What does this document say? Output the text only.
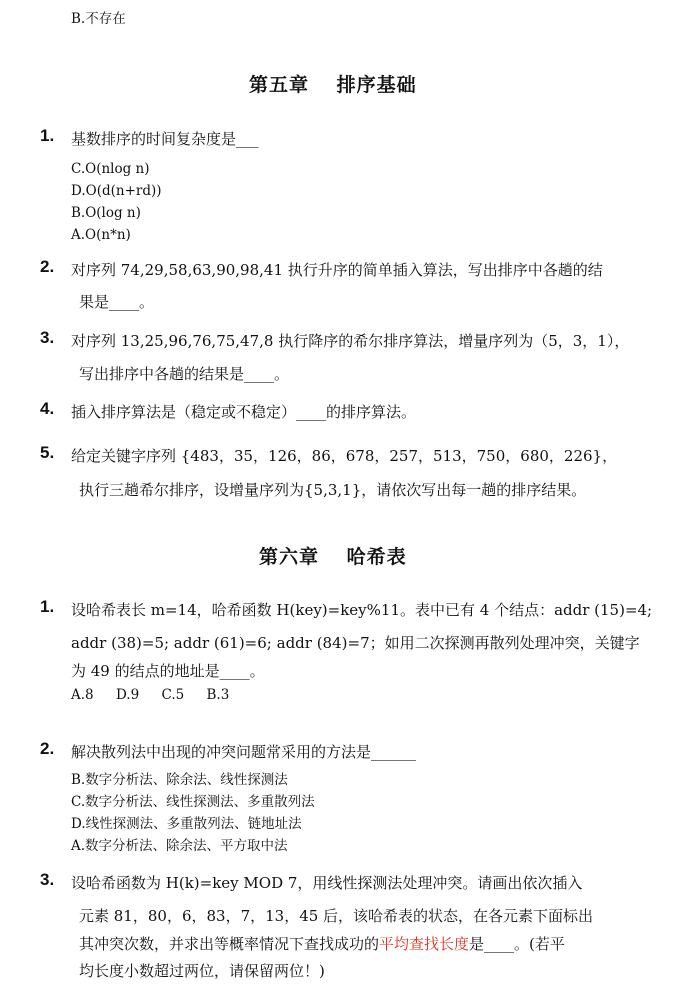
B.不存在
第五章　 排序基础
1. 基数排序的时间复杂度是___
C.O(nlog n)
D.O(d(n+rd))
B.O(log n)
A.O(n*n)
2. 对序列 74,29,58,63,90,98,41 执行升序的简单插入算法，写出排序中各趟的结
果是____。
3. 对序列 13,25,96,76,75,47,8 执行降序的希尔排序算法，增量序列为（5，3，1），
写出排序中各趟的结果是____。
4. 插入排序算法是（稳定或不稳定）____的排序算法。
5. 给定关键字序列 {483，35，126，86，678，257，513，750，680，226}，
执行三趟希尔排序，设增量序列为{5,3,1}，请依次写出每一趟的排序结果。
第六章　 哈希表
1. 设哈希表长 m=14，哈希函数 H(key)=key%11。表中已有 4 个结点：addr (15)=4;
addr (38)=5; addr (61)=6; addr (84)=7；如用二次探测再散列处理冲突，关键字
为 49 的结点的地址是____。
A.8 D.9 C.5 B.3
2. 解决散列法中出现的冲突问题常采用的方法是______
B.数字分析法、除余法、线性探测法
C.数字分析法、线性探测法、多重散列法
D.线性探测法、多重散列法、链地址法
A.数字分析法、除余法、平方取中法
3. 设哈希函数为 H(k)=key MOD 7，用线性探测法处理冲突。请画出依次插入
元素 81，80，6，83，7，13，45 后，该哈希表的状态，在各元素下面标出
其冲突次数，并求出等概率情况下查找成功的平均查找长度是____。(若平
均长度小数超过两位，请保留两位！)
